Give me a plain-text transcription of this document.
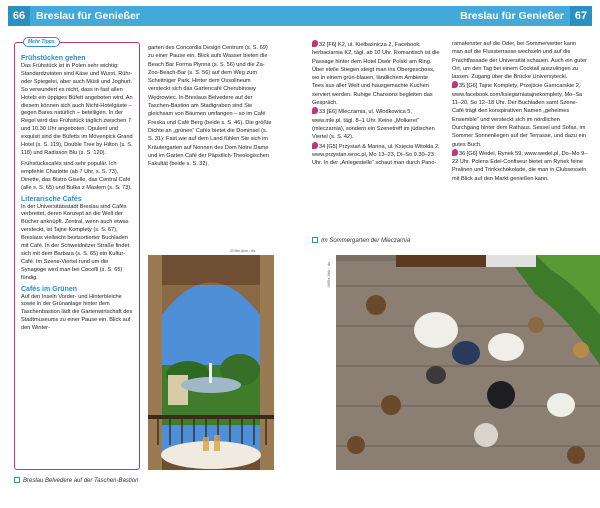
66	Breslau für Genießer
Mehr Tipps
Frühstücken gehen

Das Frühstück ist in Polen sehr wichtig: Standardzutaten sind Käse und Wurst, Rühr- oder Spiegelei, aber auch Müsli und Joghurt. So verwundert es nicht, dass in fast allen Hotels ein üppiges Büfett angeboten wird. An diesem können sich auch Nicht-Hotelgäste – gegen Bares natürlich – beteiligen. In der Regel wird das Frühstück täglich zwischen 7 und 10.30 Uhr angeboten. Opulent und exquisit sind die Büfetts im Mövenpick Grand Hotel (s. S. 119), Double Tree by Hilton (s. S. 118) und Radisson Blu (s. S. 120).

Frühstückscafés sind sehr populär. Ich empfehle Charlotte (ab 7 Uhr, s. S. 73), Dinette, das Bistro Giselle, das Central Café (alle s. S. 65) und Bułka z Masłem (s. S. 73).

Literarische Cafés

In der Universitätsstadt Breslau sind Cafés verbreitet, deren Konzept an die Welt der Bücher anknüpft. Zentral, wenn auch etwas versteckt, ist Tajne Komplety (s. S. 67), Breslaus vielleicht bestsortierter Buchladen mit Café. In der Schweidnitzer Straße findet sich mit dem Barbara (s. S. 65) ein Kultur-Café. Im Szene-Viertel rund um die Synagoge wird man bei Cocofli (s. S. 65) fündig.

Cafés im Grünen

Auf den Inseln Vorder- und Hinterbleiche sowie in der Grünanlage hinter dem Taschenbastion lädt die Gartenwirtschaft des Stadtmuseums zu einer Pause ein. Blick auf den Winter-

garten des Concordia Design Centrum (s. S. 69) zu einer Pause ein. Blick aufs Wasser bieten die Beach Bar Forma Płynna (s. S. 56) und die Za-Zoo-Beach-Bar (s. S. 56) auf dem Weg zum Scheitniger Park. Hinter dem Ossolineum versteckt sich das Gartencafé Cherubinowy Wędrowiec. In Breslaus Belvedere auf der Taschen-Bastion am Stadtgraben sind Sie gleichsam von Bäumen umfangen – so im Café Freska und Café Berg (beide s. S. 46). Die größte Dichte an „grünen“ Cafés bietet die Dominsel (s. S. 31): Fast wie auf dem Land fühlen Sie sich im Kräutergarten auf Nonnen des Dom Notre Dame und im Garten Café der Päpstlich-Theologischen Fakultät (beide s. S. 32).
203bi Abb.: ds
Breslau Belvedere auf der Taschen-Bastion
Breslau für Genießer 67

32 [F6] K2, ul. Kiełbaśnicza 2, Facebook: herbaciarnia K2, tägl. ab 10 Uhr. Romantisch ist die Passage hinter dem Hotel Dwór Polski am Ring. Über steile Stiegen steigt man ins Obergeschoss, wo in einem grün-blauen, ländlichem Ambiente Tees aus aller Welt und hausgemachte Kuchen serviert werden. Ruhige Chansons begleiten das Gespräch.

33 [E6] Mleczarnia, ul. Włodkowica 5, www.mle.pl, tägl. 8–1 Uhr. Keine „Molkerei“ (mleczarnia), sondern ein Szenetreff im jüdischen Viertel (s. S. 42).

34 [G5] Przystań & Marina, ul. Księcia Witolda 2, www.przystan.wroc.pl, Mo 13–23, Di–So 9.30–23 Uhr. In der „Anlegestelle“ schaut man durch Pano-

ramafenster auf die Oder, bei Sommerwetter kann man auf die Flussterrasse wechseln und auf die Prachtfassade der Universität schauen. Auch ein guter Ort, um den Tag bei einem Cocktail auszulingen zu lassen. Zugang über die Brücke Universytecki.

35 [G6] Tajne Komplety, Przejście Garncarskie 2, www.facebook.com/ksiegarniatajnekomplety, Mo–Sa 11–20, So 12–18 Uhr. Der Buchladen samt Szene-Café trägt den konspirativen Namen „geheimes Ensemble“ und versteckt sich im nördlichen Durchgang hinter dem Rathaus. Sessel und Sofas, im Sommer Sonnenliegen auf der Terrasse, und dazu ein gutes Buch.

36 [G6] Wedel, Rynek 59, www.wedel.pl, Do–Mo 9–22 Uhr. Polens Edel-Confiseur bietet am Rynek feine Pralinen und Trinkschokolade, die man in Clubsesseln mit Blick auf den Markt genießen kann.

Im Sommergarten der Mleczarnia
065bi Abb.: ds
